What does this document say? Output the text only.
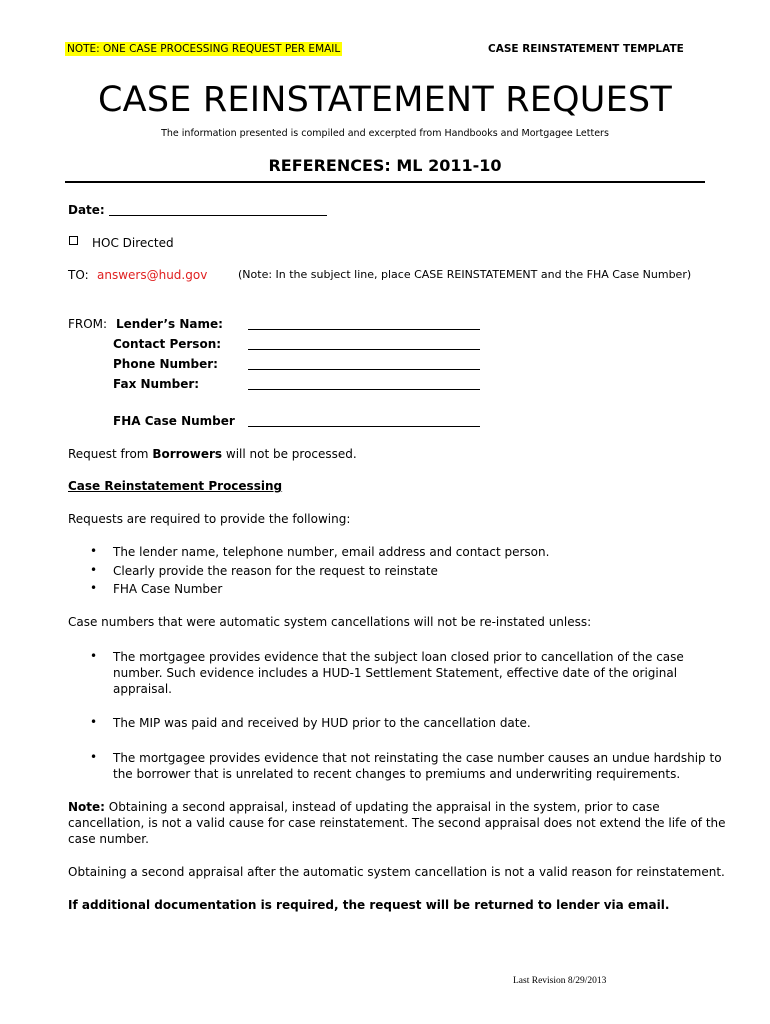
NOTE: ONE CASE PROCESSING REQUEST PER EMAIL	CASE REINSTATEMENT TEMPLATE
CASE REINSTATEMENT REQUEST
The information presented is compiled and excerpted from Handbooks and Mortgagee Letters
REFERENCES: ML 2011-10
Date:
HOC Directed
TO: answers@hud.gov	(Note: In the subject line, place CASE REINSTATEMENT and the FHA Case Number)
FROM: Lender’s Name:
Contact Person:
Phone Number:
Fax Number:
FHA Case Number
Request from Borrowers will not be processed.
Case Reinstatement Processing
Requests are required to provide the following:
• The lender name, telephone number, email address and contact person.
• Clearly provide the reason for the request to reinstate
• FHA Case Number
Case numbers that were automatic system cancellations will not be re-instated unless:
• The mortgagee provides evidence that the subject loan closed prior to cancellation of the case
number. Such evidence includes a HUD-1 Settlement Statement, effective date of the original
appraisal.
• The MIP was paid and received by HUD prior to the cancellation date.
• The mortgagee provides evidence that not reinstating the case number causes an undue hardship to
the borrower that is unrelated to recent changes to premiums and underwriting requirements.
Note: Obtaining a second appraisal, instead of updating the appraisal in the system, prior to case
cancellation, is not a valid cause for case reinstatement. The second appraisal does not extend the life of the
case number.
Obtaining a second appraisal after the automatic system cancellation is not a valid reason for reinstatement.
If additional documentation is required, the request will be returned to lender via email.
Last Revision 8/29/2013
